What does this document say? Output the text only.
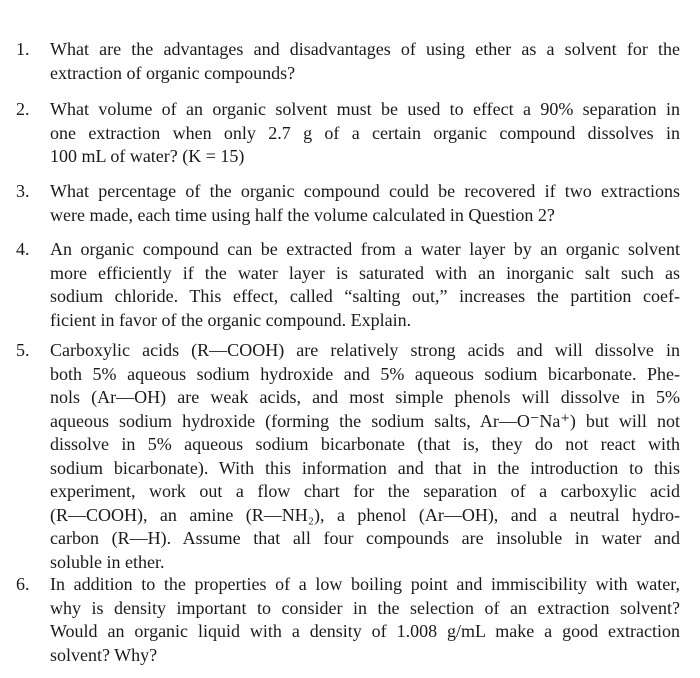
1. What are the advantages and disadvantages of using ether as a solvent for the
extraction of organic compounds?
2. What volume of an organic solvent must be used to effect a 90% separation in
one extraction when only 2.7 g of a certain organic compound dissolves in
100 mL of water? (K = 15)
3. What percentage of the organic compound could be recovered if two extractions
were made, each time using half the volume calculated in Question 2?
4. An organic compound can be extracted from a water layer by an organic solvent
more efficiently if the water layer is saturated with an inorganic salt such as
sodium chloride. This effect, called “salting out,” increases the partition coef-
ficient in favor of the organic compound. Explain.
5. Carboxylic acids (R—COOH) are relatively strong acids and will dissolve in
both 5% aqueous sodium hydroxide and 5% aqueous sodium bicarbonate. Phe-
nols (Ar—OH) are weak acids, and most simple phenols will dissolve in 5%
aqueous sodium hydroxide (forming the sodium salts, Ar—O⁻Na⁺) but will not
dissolve in 5% aqueous sodium bicarbonate (that is, they do not react with
sodium bicarbonate). With this information and that in the introduction to this
experiment, work out a flow chart for the separation of a carboxylic acid
(R—COOH), an amine (R—NH₂), a phenol (Ar—OH), and a neutral hydro-
carbon (R—H). Assume that all four compounds are insoluble in water and
soluble in ether.
6. In addition to the properties of a low boiling point and immiscibility with water,
why is density important to consider in the selection of an extraction solvent?
Would an organic liquid with a density of 1.008 g/mL make a good extraction
solvent? Why?
